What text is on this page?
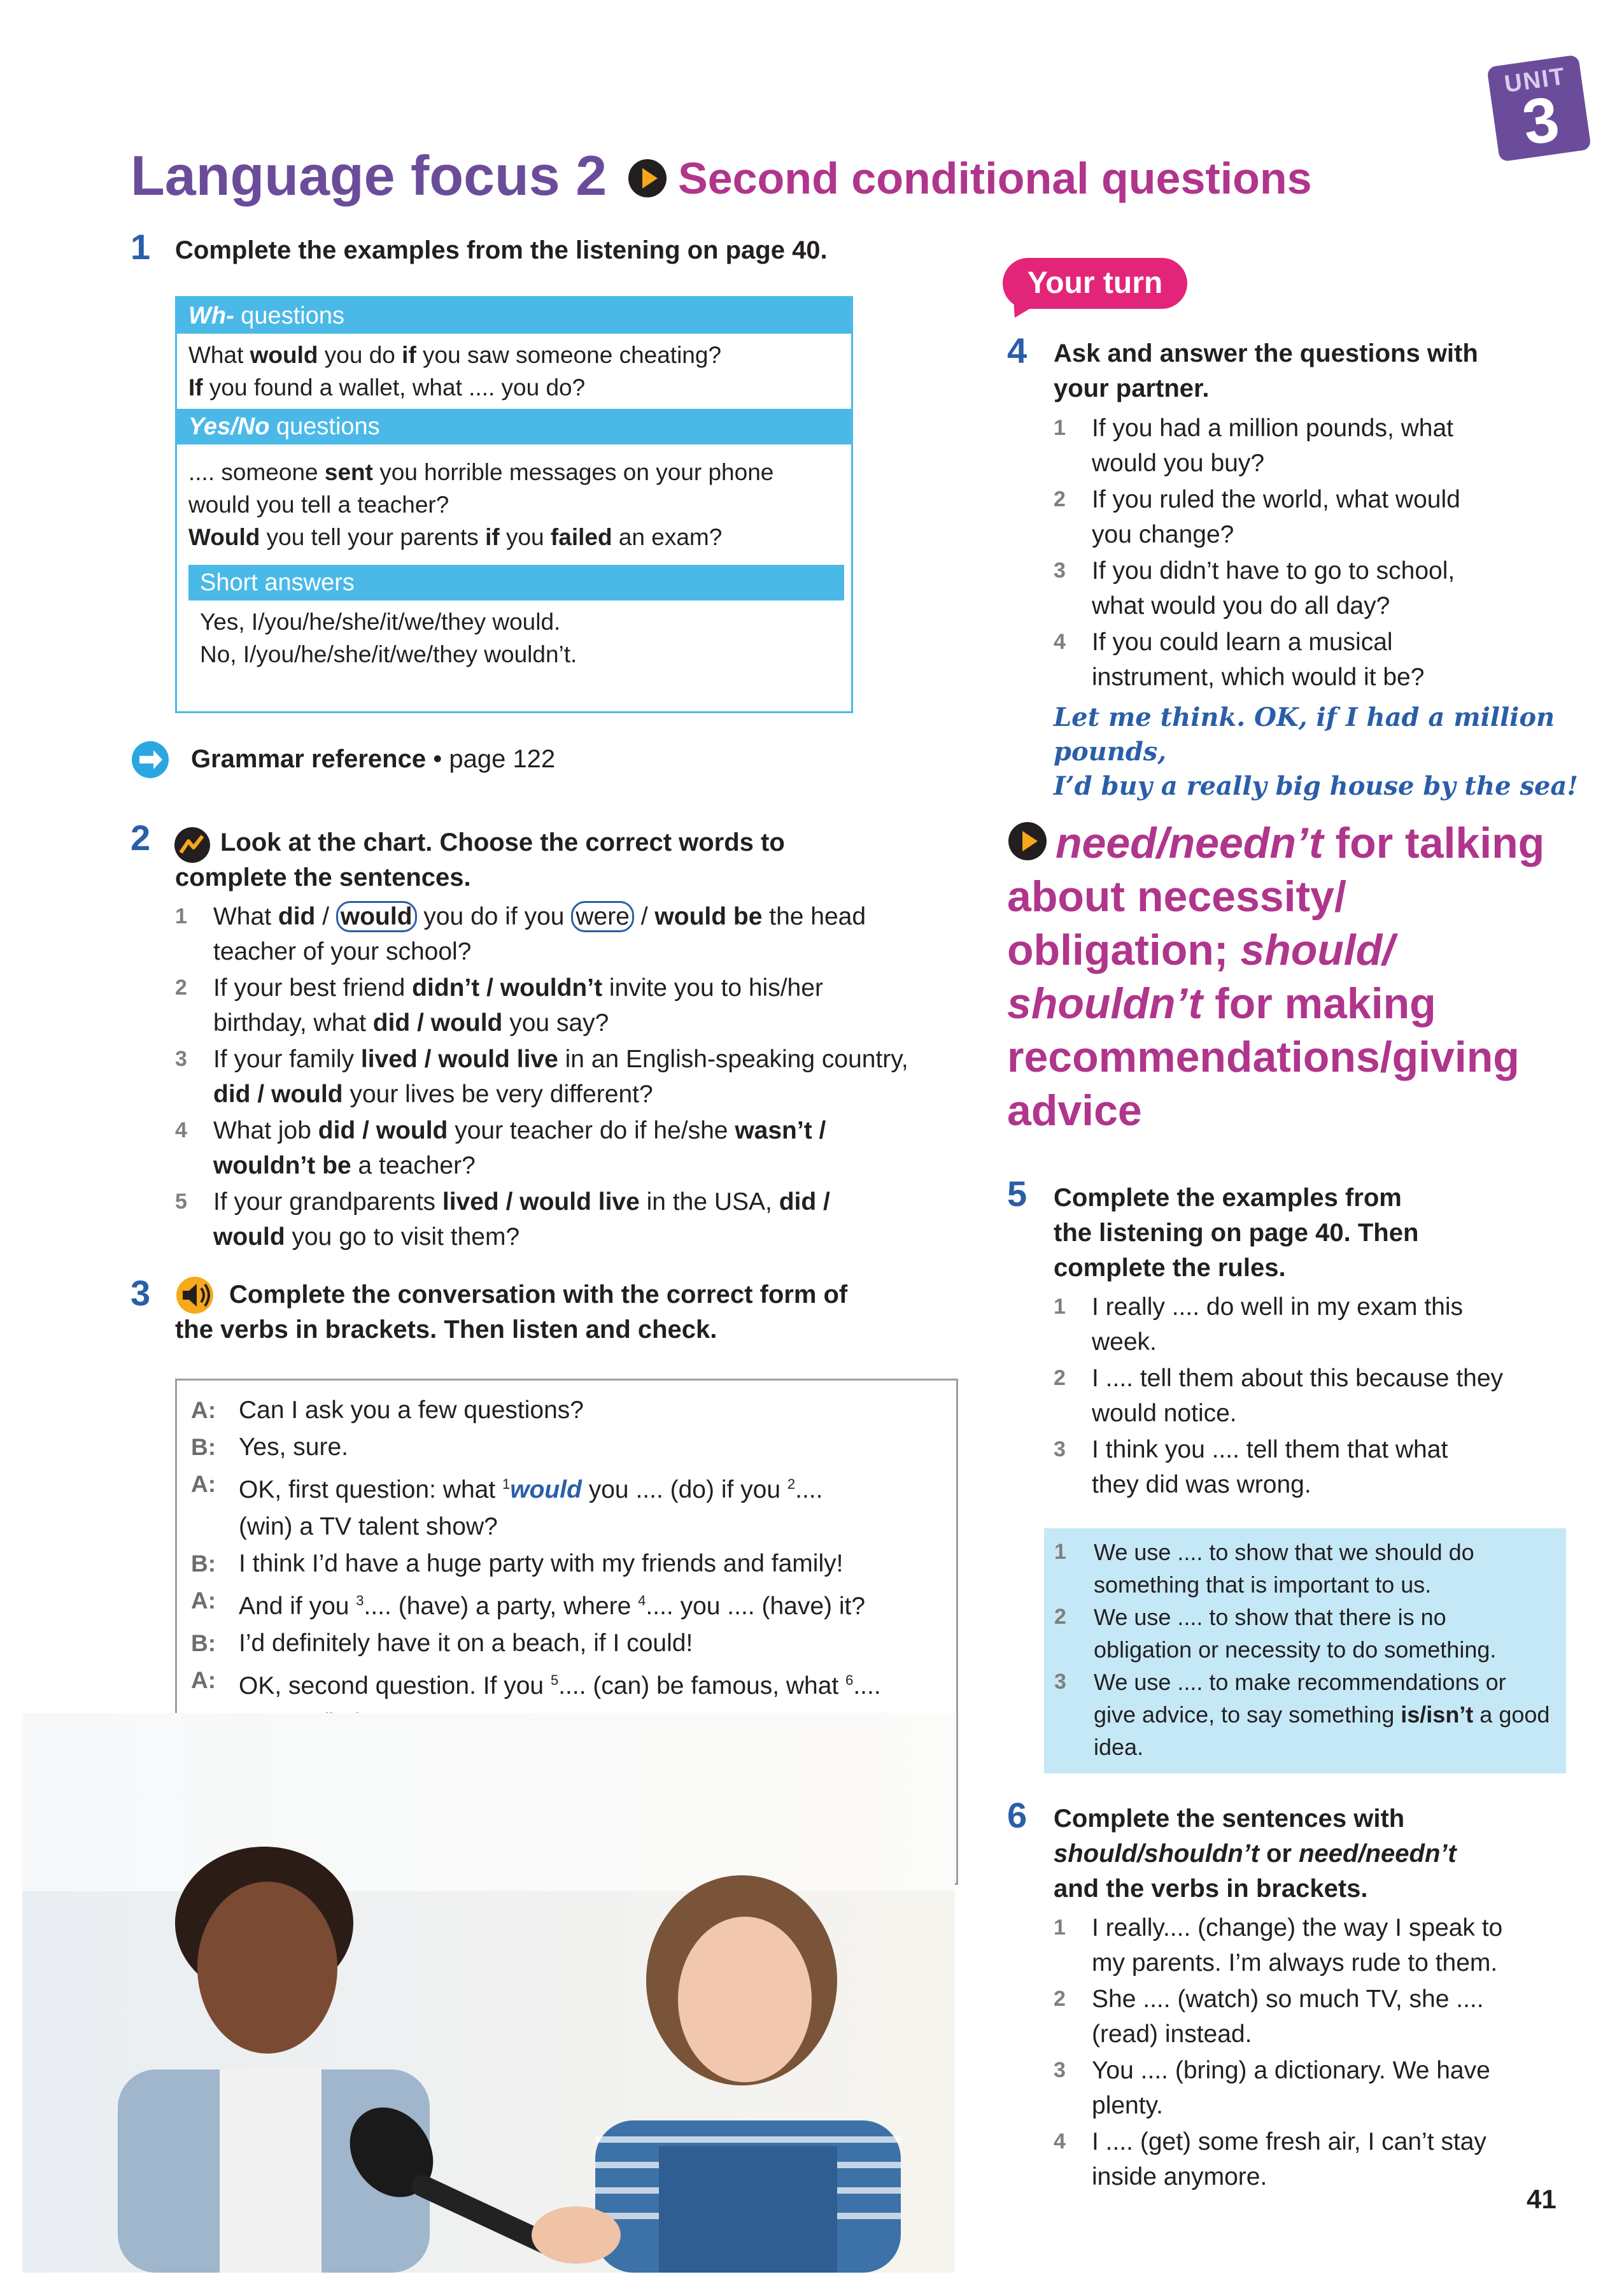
UNIT
3
Language focus 2 Second conditional questions
1 Complete the examples from the listening on page 40.
Wh- questions
What would you do if you saw someone cheating?
If you found a wallet, what .... you do?
Yes/No questions
.... someone sent you horrible messages on your phone
would you tell a teacher?
Would you tell your parents if you failed an exam?
Short answers
Yes, I/you/he/she/it/we/they would.
No, I/you/he/she/it/we/they wouldn’t.
Grammar reference • page 122
2	Look at the chart. Choose the correct words to
complete the sentences.
1 What did / would you do if you were / would be the head
teacher of your school?
2 If your best friend didn’t / wouldn’t invite you to his/her
birthday, what did / would you say?
3 If your family lived / would live in an English-speaking country,
did / would your lives be very different?
4 What job did / would your teacher do if he/she wasn’t /
wouldn’t be a teacher?
5 If your grandparents lived / would live in the USA, did /
would you go to visit them?
3	Complete the conversation with the correct form of
the verbs in brackets. Then listen and check.
A: Can I ask you a few questions?
B: Yes, sure.
A: OK, first question: what $^1$would you .... (do) if you $^2$....
(win) a TV talent show?
B: I think I’d have a huge party with my friends and family!
A: And if you $^3$.... (have) a party, where $^4$.... you .... (have) it?
B: I’d definitely have it on a beach, if I could!
A: OK, second question. If you $^5$.... (can) be famous, what $^6$....

Your turn
4 Ask and answer the questions with
your partner.
1 If you had a million pounds, what
would you buy?
2 If you ruled the world, what would
you change?
3 If you didn’t have to go to school,
what would you do all day?
4 If you could learn a musical
instrument, which would it be?
Let me think. OK, if I had a million pounds,
I’d buy a really big house by the sea!
need/needn’t for talking about necessity/ obligation; should/ shouldn’t for making recommendations/giving advice
5 Complete the examples from
the listening on page 40. Then
complete the rules.
1 I really .... do well in my exam this
week.
2 I .... tell them about this because they
would notice.
3 I think you .... tell them that what
they did was wrong.
1 We use .... to show that we should do
something that is important to us.
2 We use .... to show that there is no
obligation or necessity to do something.
3 We use .... to make recommendations or
give advice, to say something is/isn’t a good
idea.
6 Complete the sentences with
should/shouldn’t or need/needn’t
and the verbs in brackets.
1 I really.... (change) the way I speak to
my parents. I’m always rude to them.
2 She .... (watch) so much TV, she ....
(read) instead.
3 You .... (bring) a dictionary. We have
plenty.
4 I .... (get) some fresh air, I can’t stay
inside anymore.
41
